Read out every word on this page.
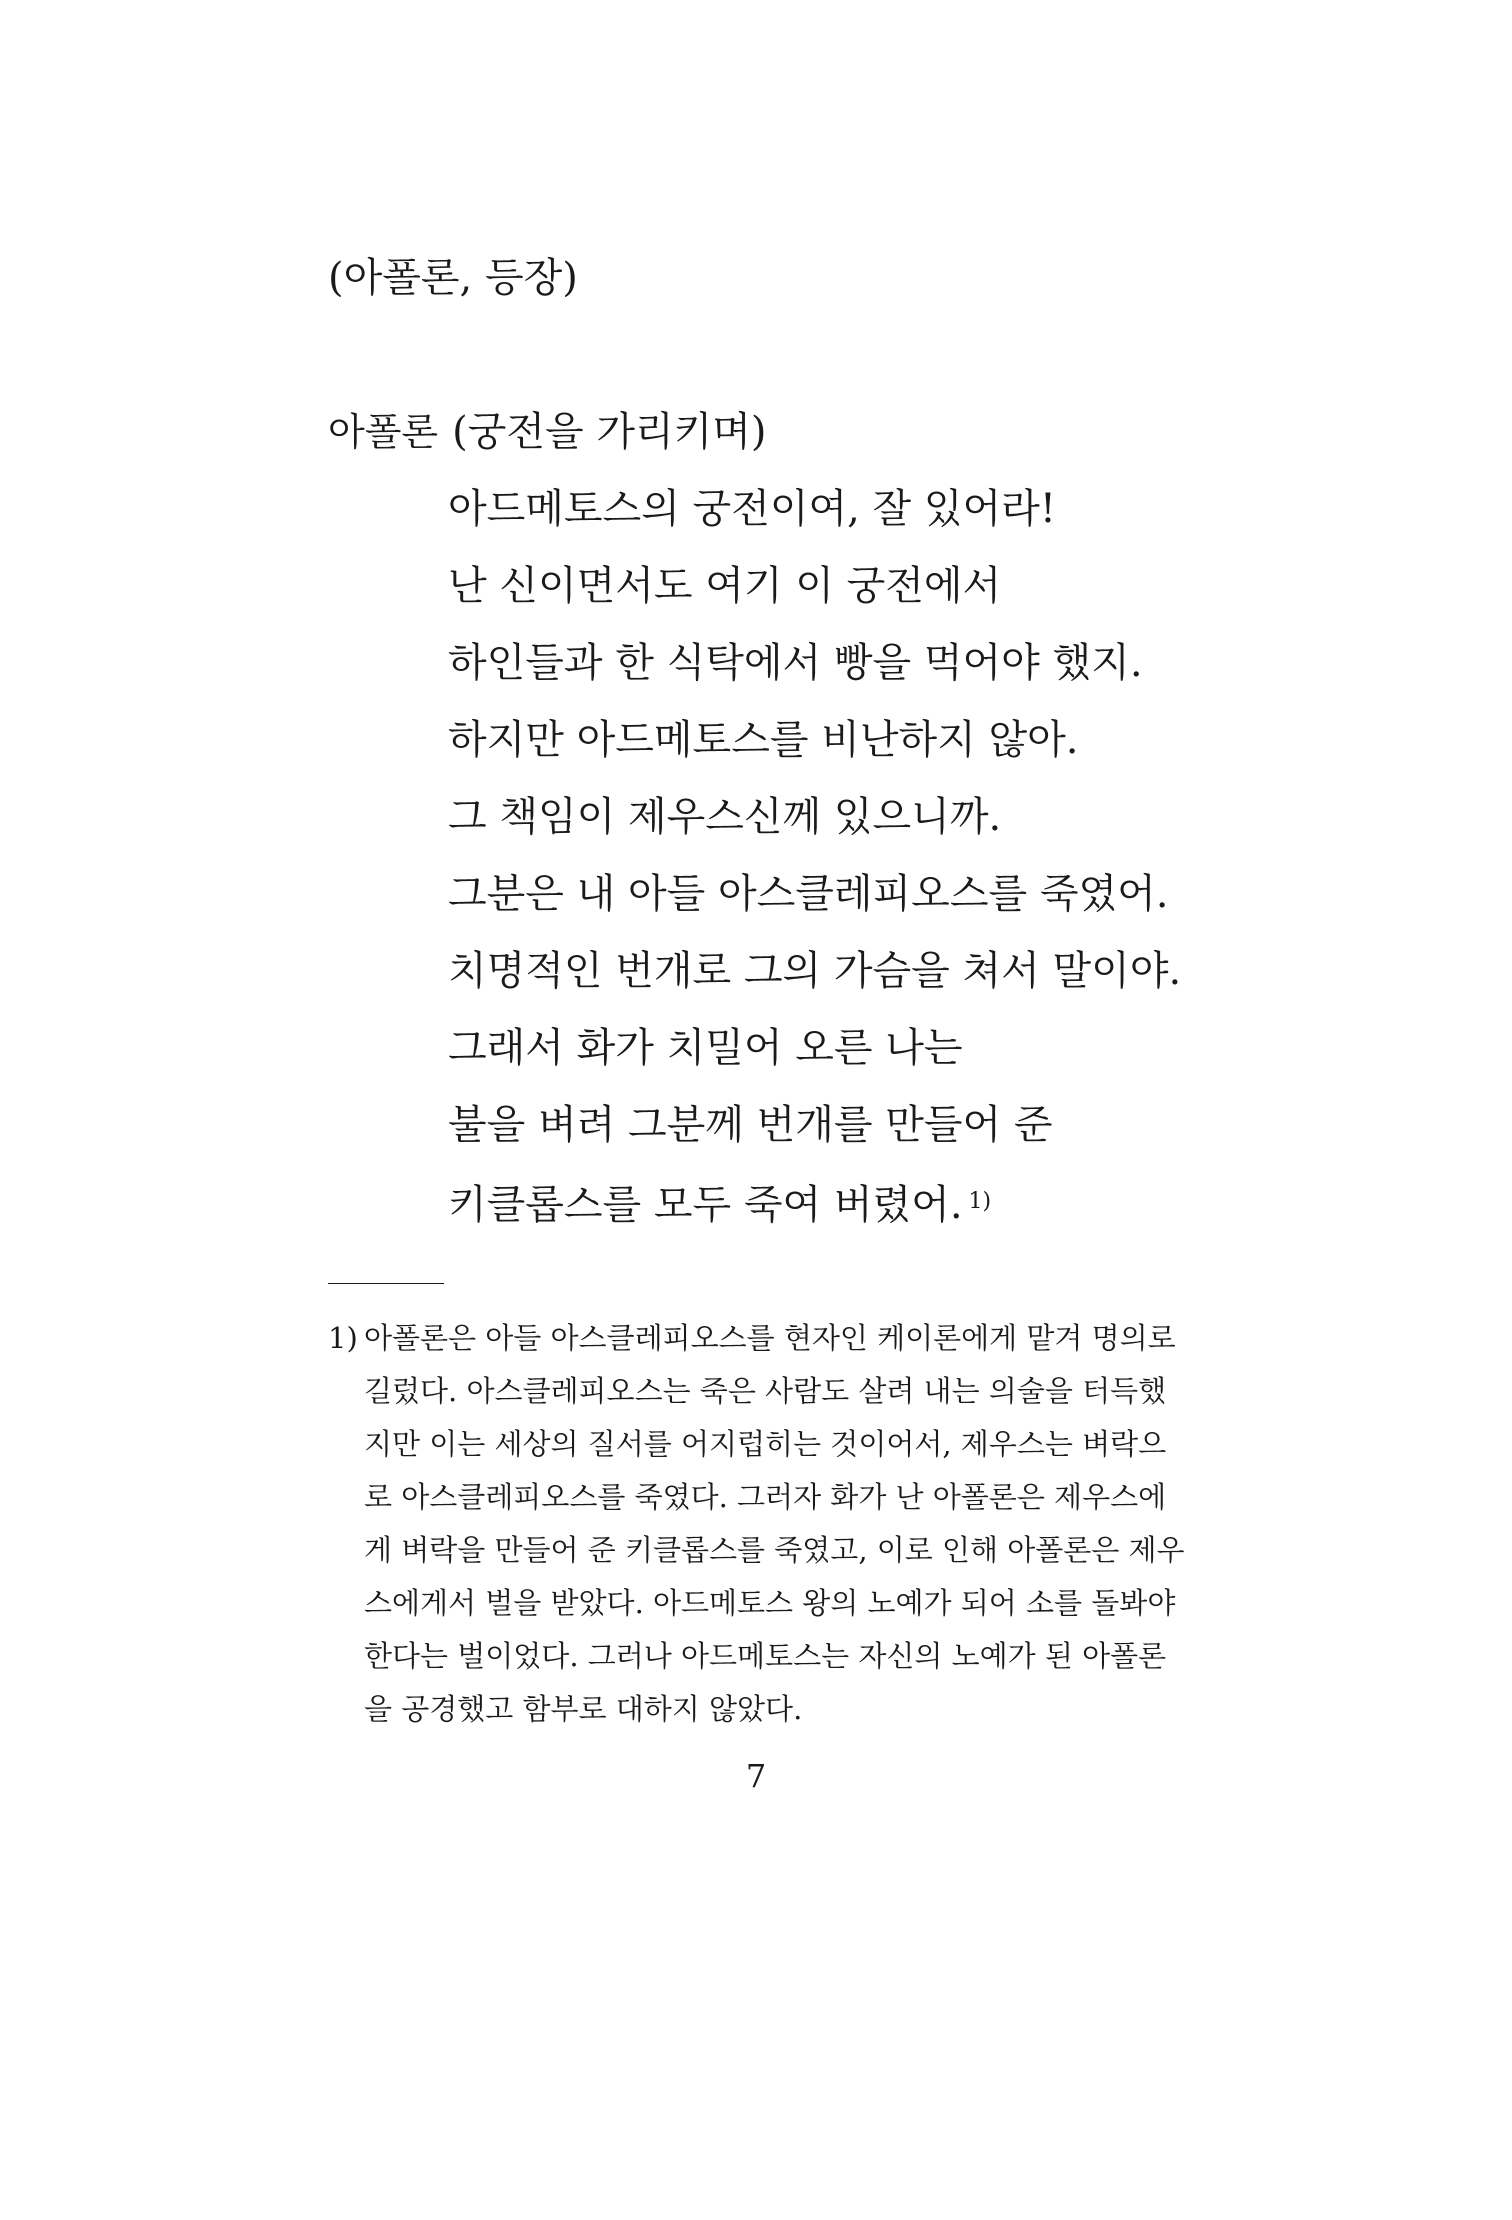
(아폴론, 등장)
아폴론 (궁전을 가리키며)
아드메토스의 궁전이여, 잘 있어라!
난 신이면서도 여기 이 궁전에서
하인들과 한 식탁에서 빵을 먹어야 했지.
하지만 아드메토스를 비난하지 않아.
그 책임이 제우스신께 있으니까.
그분은 내 아들 아스클레피오스를 죽였어.
치명적인 번개로 그의 가슴을 쳐서 말이야.
그래서 화가 치밀어 오른 나는
불을 벼려 그분께 번개를 만들어 준
키클롭스를 모두 죽여 버렸어. $^{1)}$
1) 아폴론은 아들 아스클레피오스를 현자인 케이론에게 맡겨 명의로
길렀다. 아스클레피오스는 죽은 사람도 살려 내는 의술을 터득했
지만 이는 세상의 질서를 어지럽히는 것이어서, 제우스는 벼락으
로 아스클레피오스를 죽였다. 그러자 화가 난 아폴론은 제우스에
게 벼락을 만들어 준 키클롭스를 죽였고, 이로 인해 아폴론은 제우
스에게서 벌을 받았다. 아드메토스 왕의 노예가 되어 소를 돌봐야
한다는 벌이었다. 그러나 아드메토스는 자신의 노예가 된 아폴론
을 공경했고 함부로 대하지 않았다.
7
